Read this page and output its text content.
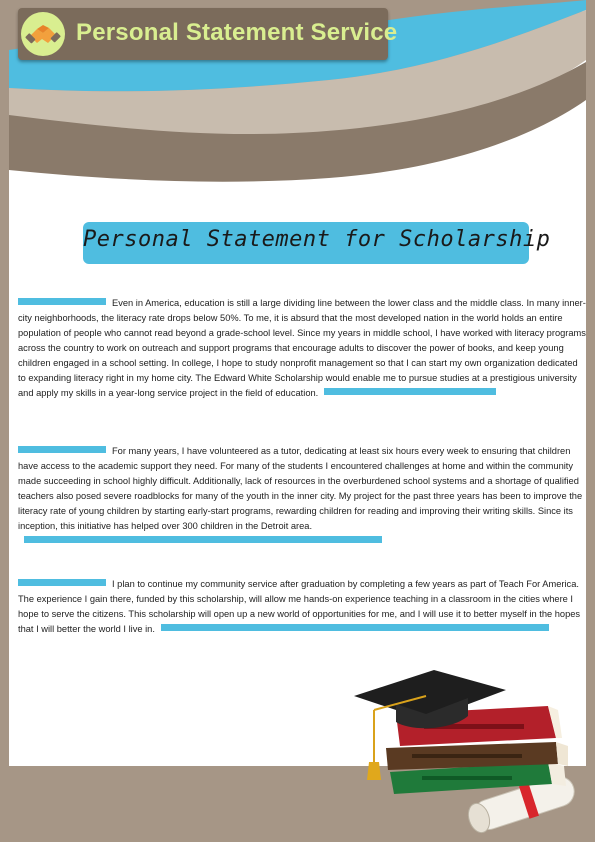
Personal Statement Service
Personal Statement for Scholarship

Even in America, education is still a large dividing line between the lower class and the middle class. In many inner-city neighborhoods, the literacy rate drops below 50%. To me, it is absurd that the most developed nation in the world holds an entire population of people who cannot read beyond a grade-school level. Since my years in middle school, I have worked with literacy programs across the country to work on outreach and support programs that encourage adults to discover the power of books, and keep young children engaged in a school setting. In college, I hope to study nonprofit management so that I can start my own organization dedicated to expanding literacy right in my home city. The Edward White Scholarship would enable me to pursue studies at a prestigious university and apply my skills in a year-long service project in the field of education.

For many years, I have volunteered as a tutor, dedicating at least six hours every week to ensuring that children have access to the academic support they need. For many of the students I encountered challenges at home and within the community made succeeding in school highly difficult. Additionally, lack of resources in the overburdened school systems and a shortage of qualified teachers also posed severe roadblocks for many of the youth in the inner city. My project for the past three years has been to improve the literacy rate of young children by starting early-start programs, rewarding children for reading and improving their writing skills. Since its inception, this initiative has helped over 300 children in the Detroit area.

I plan to continue my community service after graduation by completing a few years as part of Teach For America. The experience I gain there, funded by this scholarship, will allow me hands-on experience teaching in a classroom in the cities where I hope to serve the citizens. This scholarship will open up a new world of opportunities for me, and I will use it to better myself in the hopes that I will better the world I live in.
